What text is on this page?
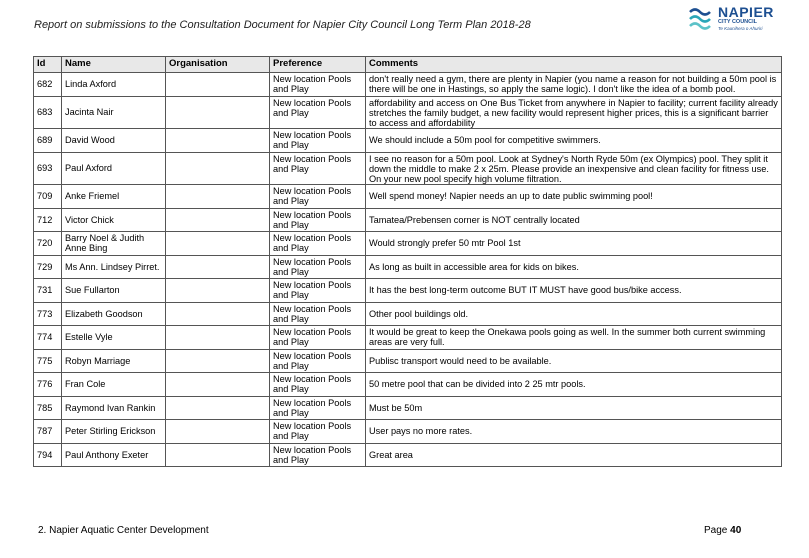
Report on submissions to the Consultation Document for Napier City Council Long Term Plan 2018-28
NAPIER
CITY COUNCIL
Te Kaunihera o Ahuriri
Id	Name	Organisation	Preference	Comments
682	Linda Axford		New location Pools and Play	don't really need a gym, there are plenty in Napier (you name a reason for not building a 50m pool is there will be one in Hastings, so apply the same logic). I don't like the idea of a bomb pool.
683	Jacinta Nair		New location Pools and Play	affordability and access on One Bus Ticket from anywhere in Napier to facility; current facility already stretches the family budget, a new facility would represent higher prices, this is a significant barrier to access and affordability
689	David Wood		New location Pools and Play	We should include a 50m pool for competitive swimmers.
693	Paul Axford		New location Pools and Play	I see no reason for a 50m pool. Look at Sydney's North Ryde 50m (ex Olympics) pool. They split it down the middle to make 2 x 25m. Please provide an inexpensive and clean facility for fitness use. On your new pool specify high volume filtration.
709	Anke Friemel		New location Pools and Play	Well spend money! Napier needs an up to date public swimming pool!
712	Victor Chick		New location Pools and Play	Tamatea/Prebensen corner is NOT centrally located
720	Barry Noel & Judith Anne Bing		New location Pools and Play	Would strongly prefer 50 mtr Pool 1st
729	Ms Ann. Lindsey Pirret.		New location Pools and Play	As long as built in accessible area for kids on bikes.
731	Sue Fullarton		New location Pools and Play	It has the best long-term outcome BUT IT MUST have good bus/bike access.
773	Elizabeth Goodson		New location Pools and Play	Other pool buildings old.
774	Estelle Vyle		New location Pools and Play	It would be great to keep the Onekawa pools going as well. In the summer both current swimming areas are very full.
775	Robyn Marriage		New location Pools and Play	Publisc transport would need to be available.
776	Fran Cole		New location Pools and Play	50 metre pool that can be divided into 2 25 mtr pools.
785	Raymond Ivan Rankin		New location Pools and Play	Must be 50m
787	Peter Stirling Erickson		New location Pools and Play	User pays no more rates.
794	Paul Anthony Exeter		New location Pools and Play	Great area
2. Napier Aquatic Center Development	Page 40
